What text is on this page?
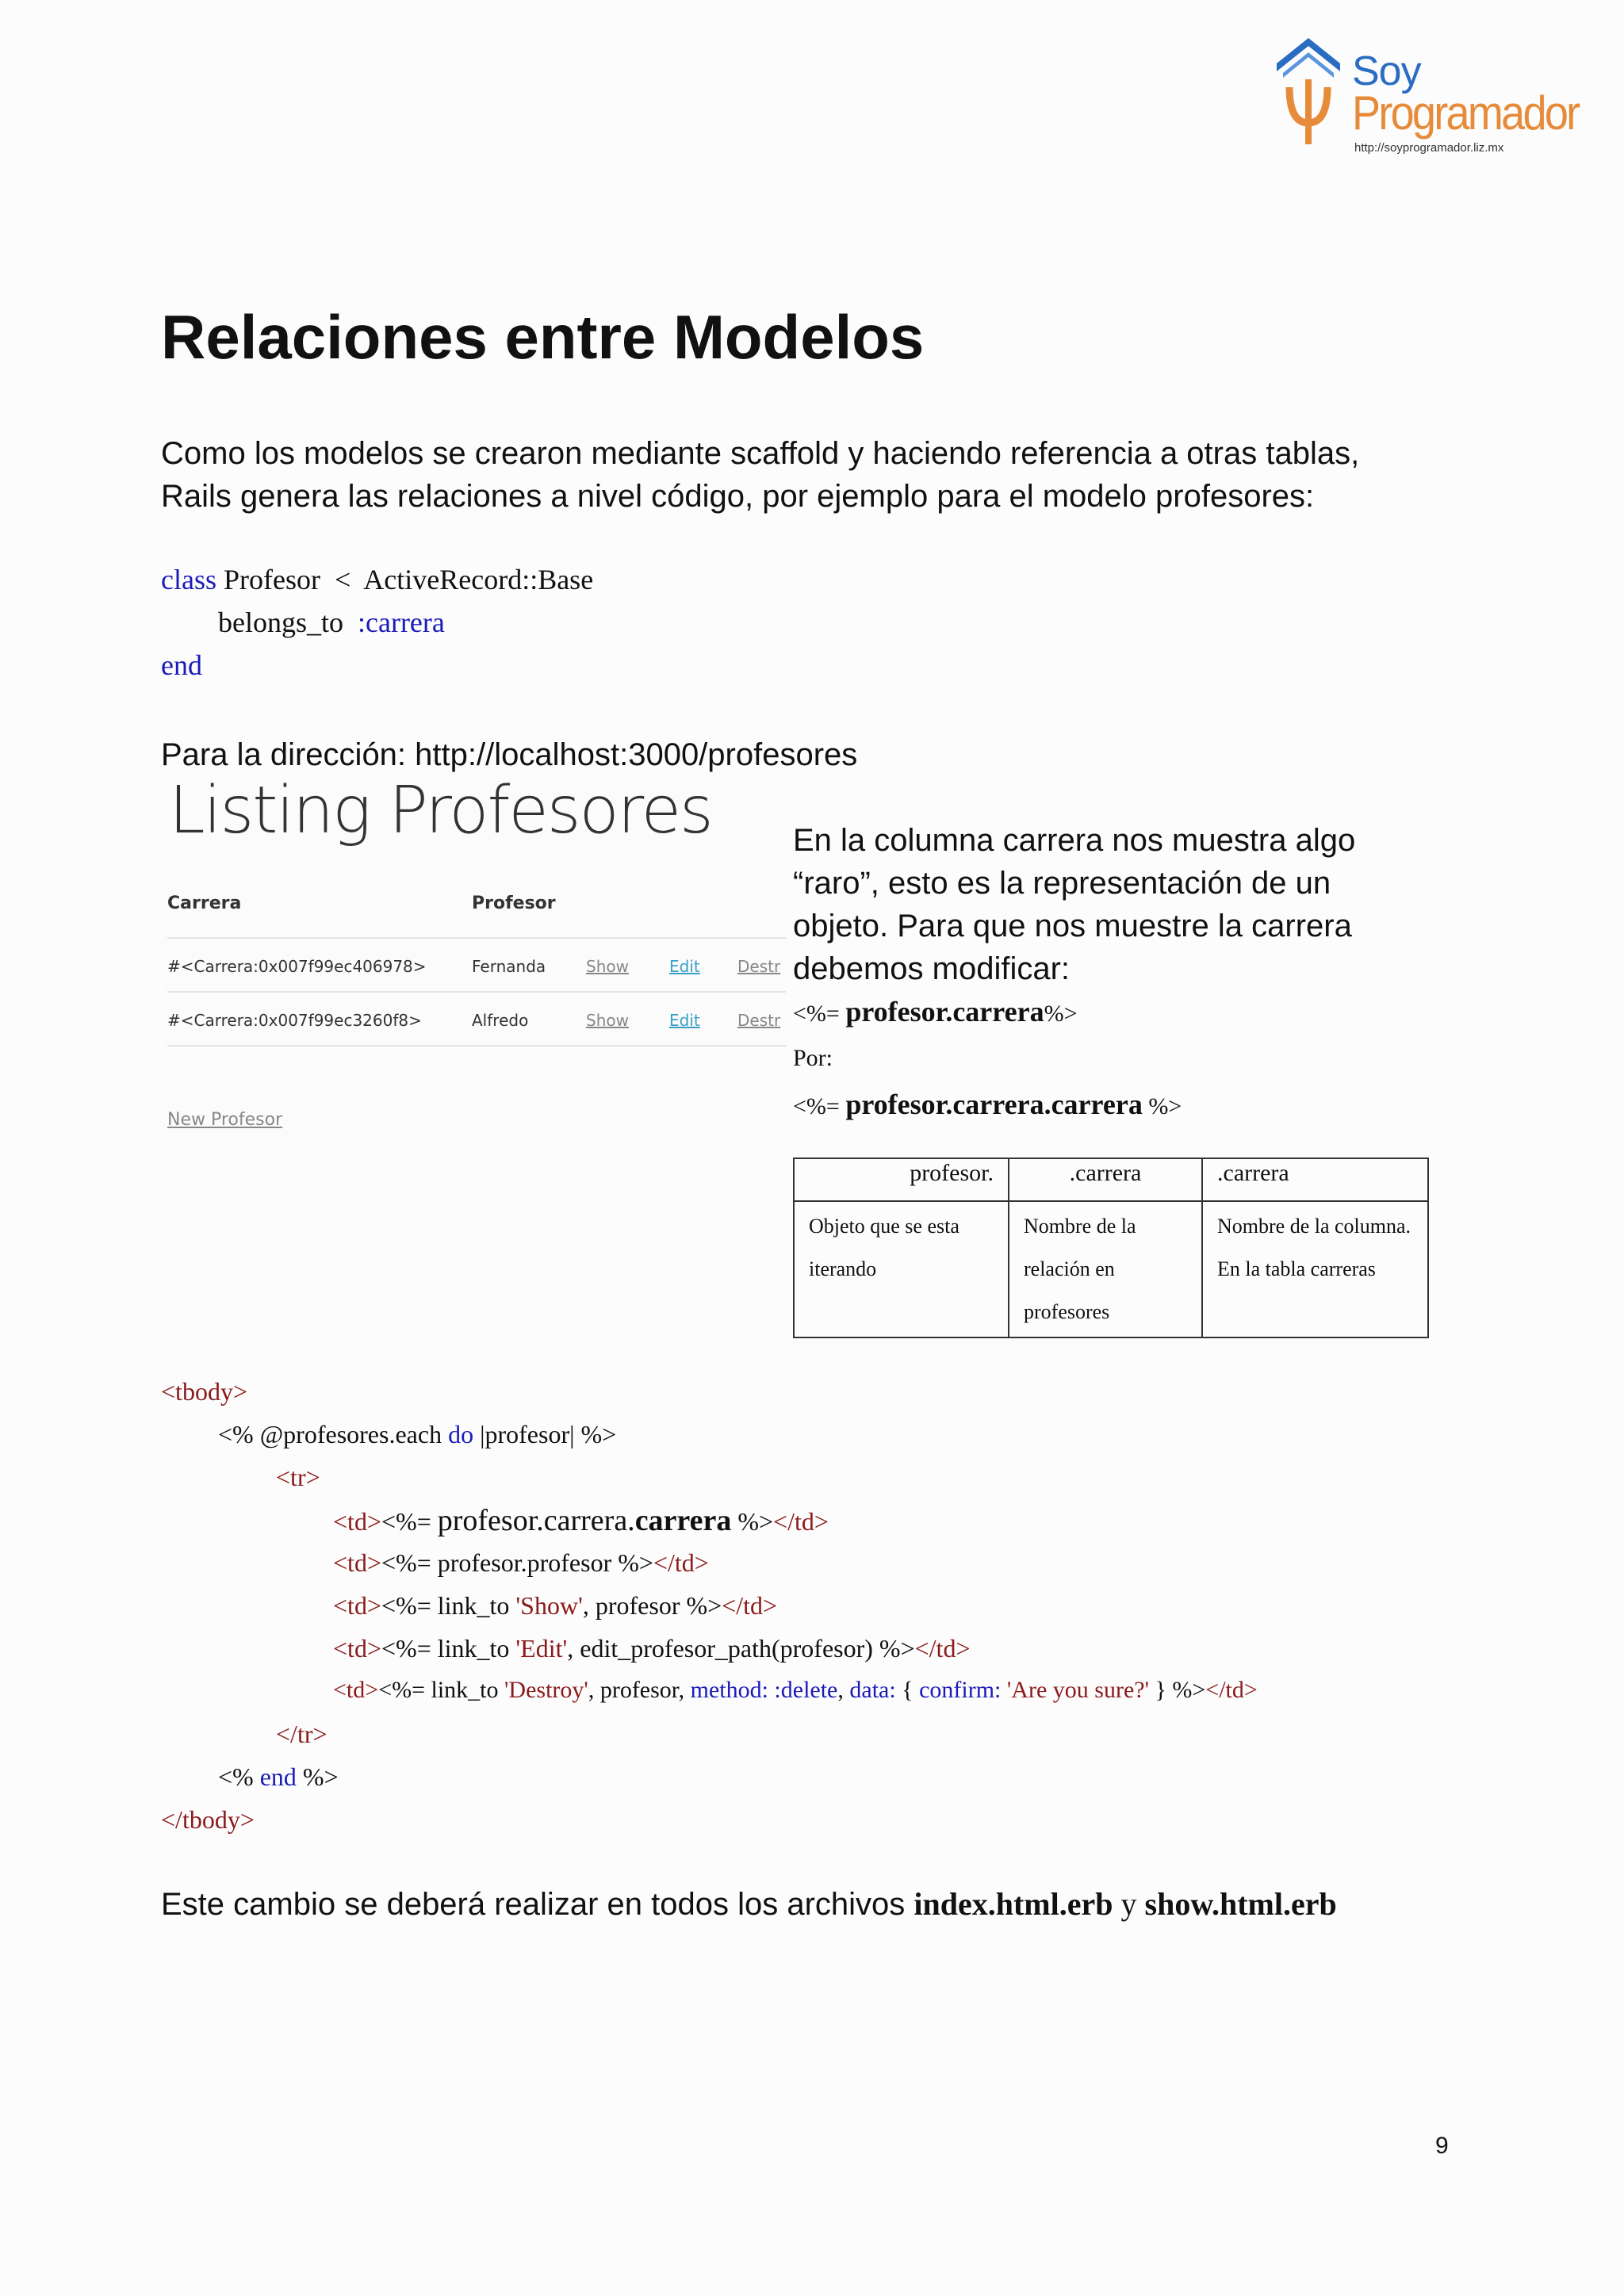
Soy
Programador
http://soyprogramador.liz.mx
Relaciones entre Modelos
Como los modelos se crearon mediante scaffold y haciendo referencia a otras tablas,
Rails genera las relaciones a nivel código, por ejemplo para el modelo profesores:
class Profesor  <  ActiveRecord::Base
belongs_to  :carrera
end
Para la dirección: http://localhost:3000/profesores
Listing Profesores
Carrera	Profesor
#<Carrera:0x007f99ec406978>	Fernanda	Show	Edit Destr
#<Carrera:0x007f99ec3260f8>	Alfredo	Show	Edit Destr
New Profesor
En la columna carrera nos muestra algo
“raro”, esto es la representación de un
objeto. Para que nos muestre la carrera
debemos modificar:
<%= profesor.carrera%>
Por:
<%= profesor.carrera.carrera %>
profesor.	.carrera	.carrera
Objeto que se esta iterando	Nombre de la relación en profesores	Nombre de la columna. En la tabla carreras
<tbody>
<% @profesores.each do |profesor| %>
<tr>
<td><%= profesor.carrera.carrera %></td>
<td><%= profesor.profesor %></td>
<td><%= link_to 'Show', profesor %></td>
<td><%= link_to 'Edit', edit_profesor_path(profesor) %></td>
<td><%= link_to 'Destroy', profesor, method: :delete, data: { confirm: 'Are you sure?' } %></td>
</tr>
<% end %>
</tbody>
Este cambio se deberá realizar en todos los archivos index.html.erb y show.html.erb
9
